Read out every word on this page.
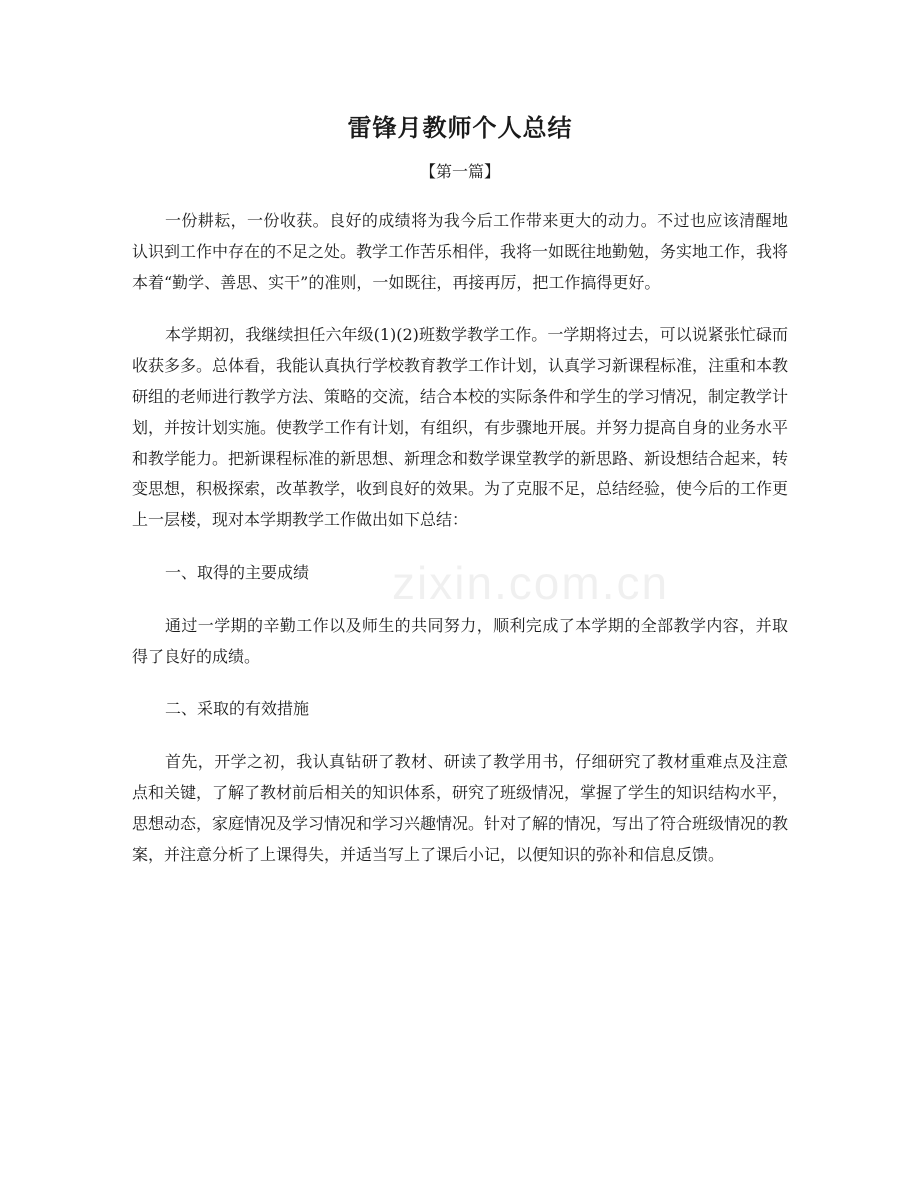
雷锋月教师个人总结

【第一篇】

一份耕耘，一份收获。良好的成绩将为我今后工作带来更大的动力。不过也应该清醒地认识到工作中存在的不足之处。教学工作苦乐相伴，我将一如既往地勤勉，务实地工作，我将本着“勤学、善思、实干”的准则，一如既往，再接再厉，把工作搞得更好。

本学期初，我继续担任六年级(1)(2)班数学教学工作。一学期将过去，可以说紧张忙碌而收获多多。总体看，我能认真执行学校教育教学工作计划，认真学习新课程标准，注重和本教研组的老师进行教学方法、策略的交流，结合本校的实际条件和学生的学习情况，制定教学计划，并按计划实施。使教学工作有计划，有组织，有步骤地开展。并努力提高自身的业务水平和教学能力。把新课程标准的新思想、新理念和数学课堂教学的新思路、新设想结合起来，转变思想，积极探索，改革教学，收到良好的效果。为了克服不足，总结经验，使今后的工作更上一层楼，现对本学期教学工作做出如下总结：

一、取得的主要成绩

通过一学期的辛勤工作以及师生的共同努力，顺利完成了本学期的全部教学内容，并取得了良好的成绩。

二、采取的有效措施

首先，开学之初，我认真钻研了教材、研读了教学用书，仔细研究了教材重难点及注意点和关键，了解了教材前后相关的知识体系，研究了班级情况，掌握了学生的知识结构水平，思想动态，家庭情况及学习情况和学习兴趣情况。针对了解的情况，写出了符合班级情况的教案，并注意分析了上课得失，并适当写上了课后小记，以便知识的弥补和信息反馈。

zixin.com.cn
